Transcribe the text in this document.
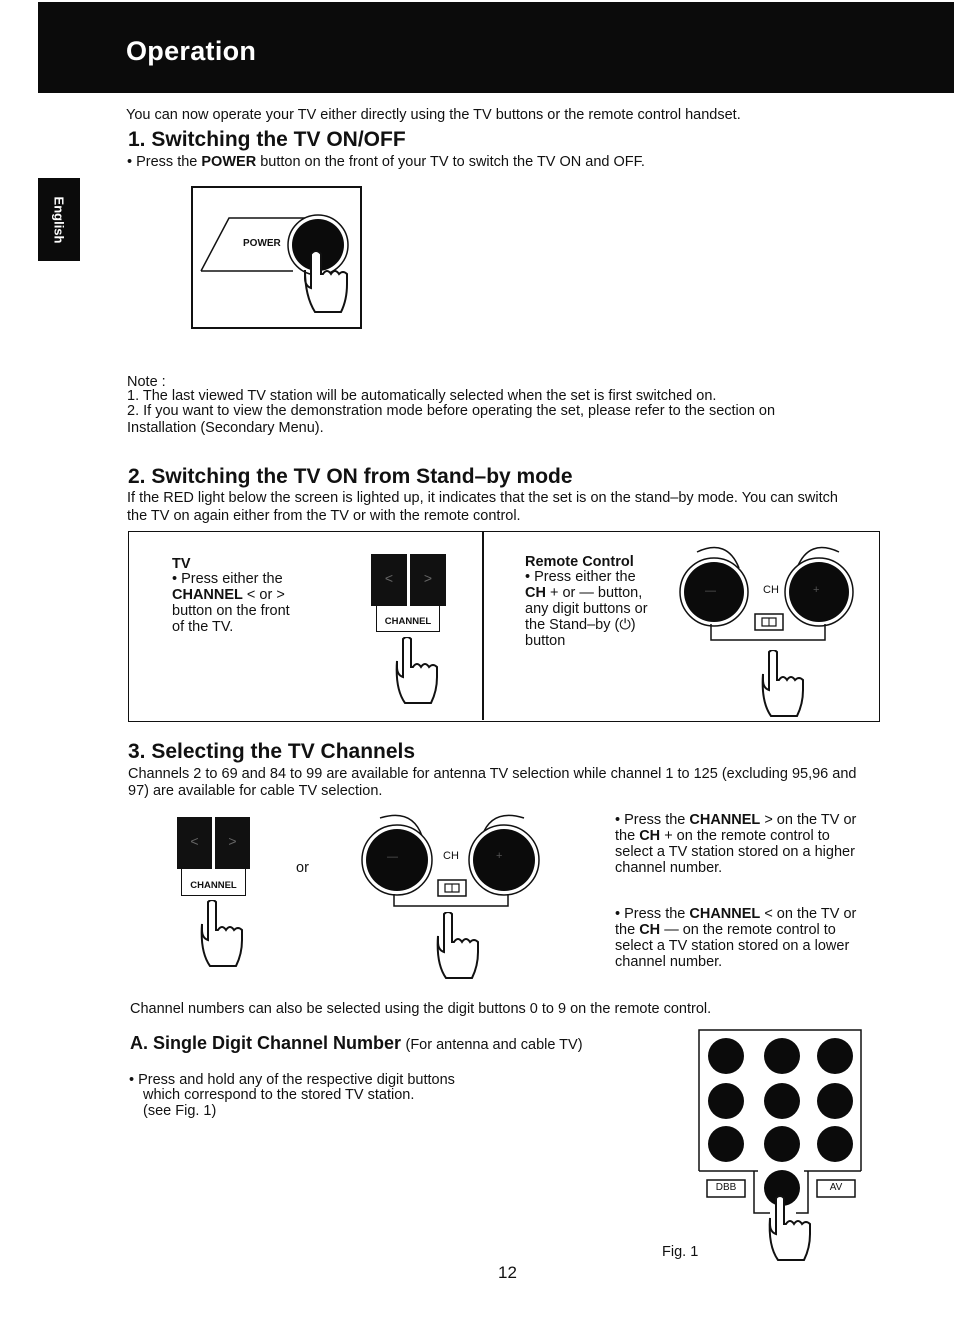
Operation
English
You can now operate your TV either directly using the TV buttons or the remote control handset.
1. Switching the TV ON/OFF
• Press the POWER button on the front of your TV to switch the TV ON and OFF.
POWER
Note :
1. The last viewed TV station will be automatically selected when the set is first switched on.
2. If you want to view the demonstration mode before operating the set, please refer to the section on
Installation (Secondary Menu).
2. Switching the TV ON from Stand–by mode
If the RED light below the screen is lighted up, it indicates that the set is on the stand–by mode. You can switch
the TV on again either from the TV or with the remote control.
TV
• Press either the
CHANNEL < or >
button on the front
of the TV.
<	>
CHANNEL
Remote Control
• Press either the
CH + or — button,
any digit buttons or
the Stand–by (⏻)
button
CH
—	+
3. Selecting the TV Channels
Channels 2 to 69 and 84 to 99 are available for antenna TV selection while channel 1 to 125 (excluding 95,96 and
97) are available for cable TV selection.
<	>
CHANNEL
or
CH
—	+
• Press the CHANNEL > on the TV or
the CH + on the remote control to
select a TV station stored on a higher
channel number.
• Press the CHANNEL < on the TV or
the CH — on the remote control to
select a TV station stored on a lower
channel number.
Channel numbers can also be selected using the digit buttons 0 to 9 on the remote control.
A. Single Digit Channel Number (For antenna and cable TV)
• Press and hold any of the respective digit buttons
which correspond to the stored TV station.
(see Fig. 1)
DBB	AV
Fig. 1
12
